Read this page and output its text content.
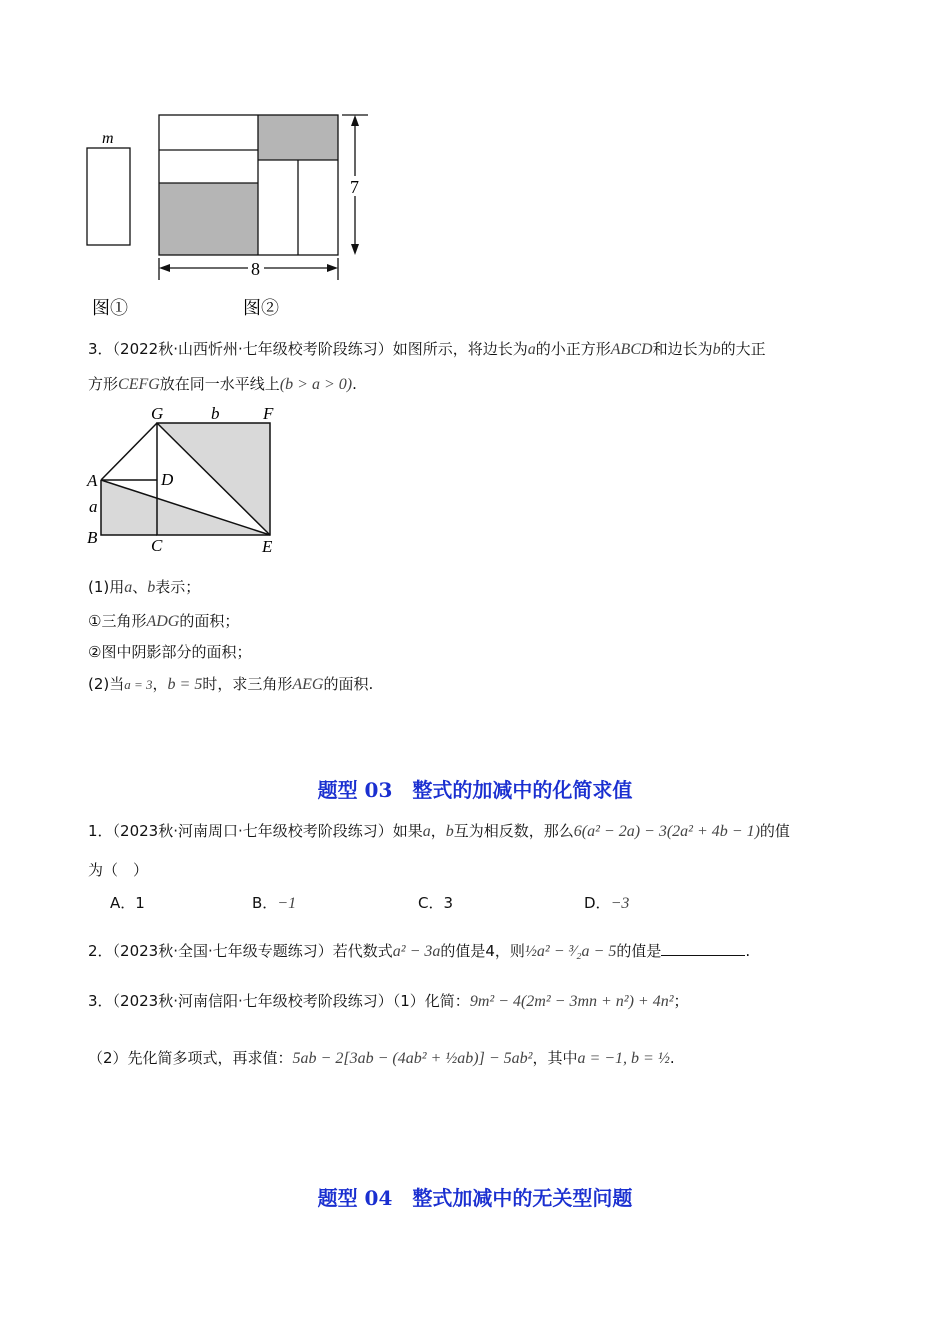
m
7
8
图①	图②
3．（2022秋·山西忻州·七年级校考阶段练习）如图所示，将边长为a的小正方形ABCD和边长为b的大正
方形CEFG放在同一水平线上(b > a > 0).
G	b	F
A	D
a
B	C	E
(1)用a、b表示；
①三角形ADG的面积；
②图中阴影部分的面积；
(2)当a = 3，b = 5时，求三角形AEG的面积.
题型 03　整式的加减中的化简求值
1．（2023秋·河南周口·七年级校考阶段练习）如果a，b互为相反数，那么6(a² − 2a) − 3(2a² + 4b − 1)的值
为（　）
A．1	B．−1	C．3	D．−3
2．（2023秋·全国·七年级专题练习）若代数式a² − 3a的值是4，则½a² − ³⁄₂a − 5的值是	.
3．（2023秋·河南信阳·七年级校考阶段练习）（1）化简：9m² − 4(2m² − 3mn + n²) + 4n²；
（2）先化简多项式，再求值：5ab − 2[3ab − (4ab² + ½ab)] − 5ab²，其中a = −1, b = ½.
题型 04　整式加减中的无关型问题
